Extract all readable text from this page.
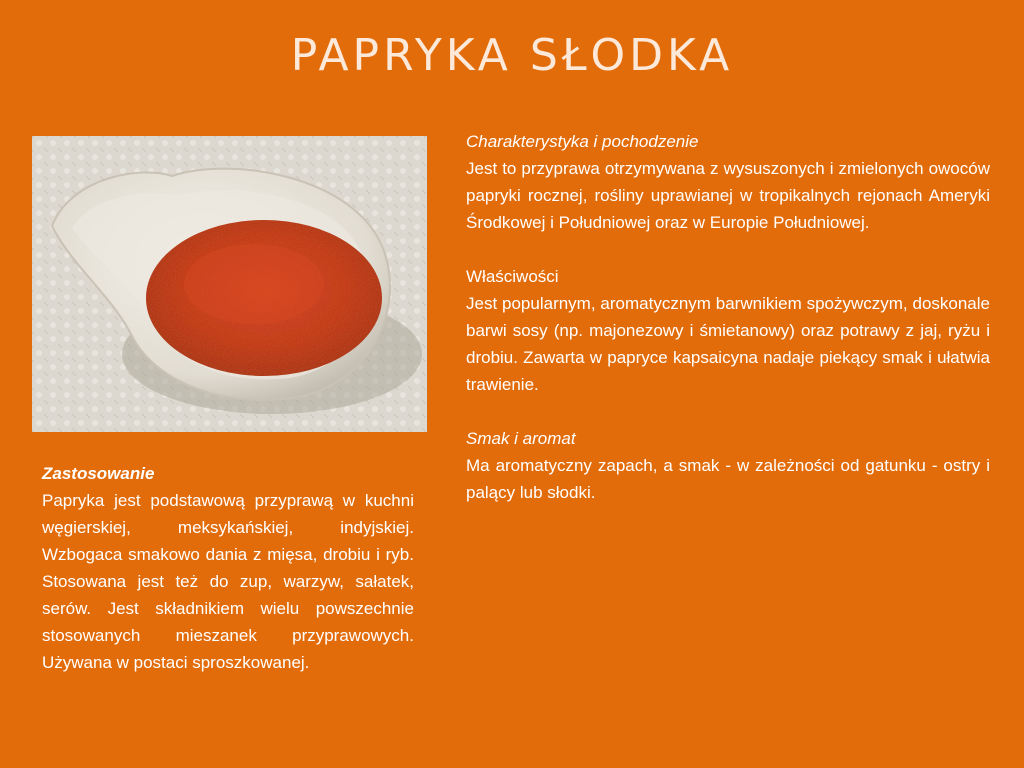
PAPRYKA SŁODKA
Zastosowanie
Papryka jest podstawową przyprawą w kuchni węgierskiej, meksykańskiej, indyjskiej. Wzbogaca smakowo dania z mięsa, drobiu i ryb. Stosowana jest też do zup, warzyw, sałatek, serów. Jest składnikiem wielu powszechnie stosowanych mieszanek przyprawowych. Używana w postaci sproszkowanej.
Charakterystyka i pochodzenie
Jest to przyprawa otrzymywana z wysuszonych i zmielonych owoców papryki rocznej, rośliny uprawianej w tropikalnych rejonach Ameryki Środkowej i Południowej oraz w Europie Południowej.
Właściwości
Jest popularnym, aromatycznym barwnikiem spożywczym, doskonale barwi sosy (np. majonezowy i śmietanowy) oraz potrawy z jaj, ryżu i drobiu. Zawarta w papryce kapsaicyna nadaje piekący smak i ułatwia trawienie.
Smak i aromat
Ma aromatyczny zapach, a smak - w zależności od gatunku - ostry i palący lub słodki.
